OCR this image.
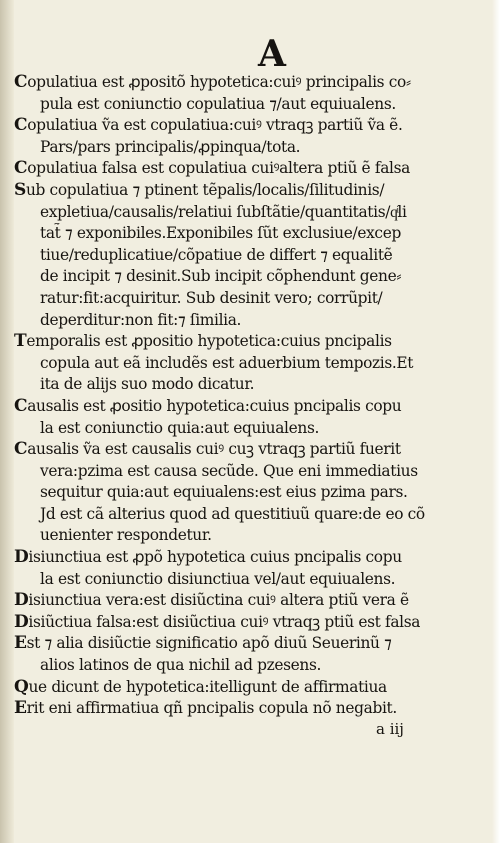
A
Copulatiua est ꝓpositõ hypotetica:cuiꝰ principalis co⸗
pula est coniunctio copulatiua ⁊/aut equiualens.
Copulatiua ṽa est copulatiua:cuiꝰ vtraqꝫ partiũ ṽa ẽ.
Pars/pars principalis/ꝓpinqua/tota.
Copulatiua falsa est copulatiua cuiꝰaltera ptiũ ẽ falsa
Sub copulatiua ⁊ ptinent tẽpalis/localis/ſilitudinis/
expletiua/causalis/relatiui ſubſtãtie/quantitatis/qͥli
tat̃ ⁊ exponibiles.Exponibiles ſũt exclusiue/excep
tiue/reduplicatiue/cõpatiue de differt ⁊ equalitẽ
de incipit ⁊ desinit.Sub incipit cõphendunt gene⸗
ratur:fit:acquiritur. Sub desinit vero; corrũpit/
deperditur:non fit:⁊ ſimilia.
Temporalis est ꝓpositio hypotetica:cuius pncipalis
copula aut eã includẽs est aduerbium tempozis.Et
ita de alijs suo modo dicatur.
Causalis est ꝓositio hypotetica:cuius pncipalis copu
la est coniunctio quia:aut equiualens.
Causalis ṽa est causalis cuiꝰ cuꝫ vtraqꝫ partiũ fuerit
vera:pzima est causa secũde. Que eni immediatius
sequitur quia:aut equiualens:est eius pzima pars.
Jd est cã alterius quod ad questitiuũ quare:de eo cõ
uenienter respondetur.
Disiunctiua est ꝓpõ hypotetica cuius pncipalis copu
la est coniunctio disiunctiua vel/aut equiualens.
Disiunctiua vera:est disiũctina cuiꝰ altera ptiũ vera ẽ
Disiũctiua falsa:est disiũctiua cuiꝰ vtraqꝫ ptiũ est falsa
Est ⁊ alia disiũctie significatio apõ diuũ Seuerinũ ⁊
alios latinos de qua nichil ad pzesens.
Que dicunt de hypotetica:itelligunt de affirmatiua
Erit eni affirmatiua qñ pncipalis copula nõ negabit.
a iij
